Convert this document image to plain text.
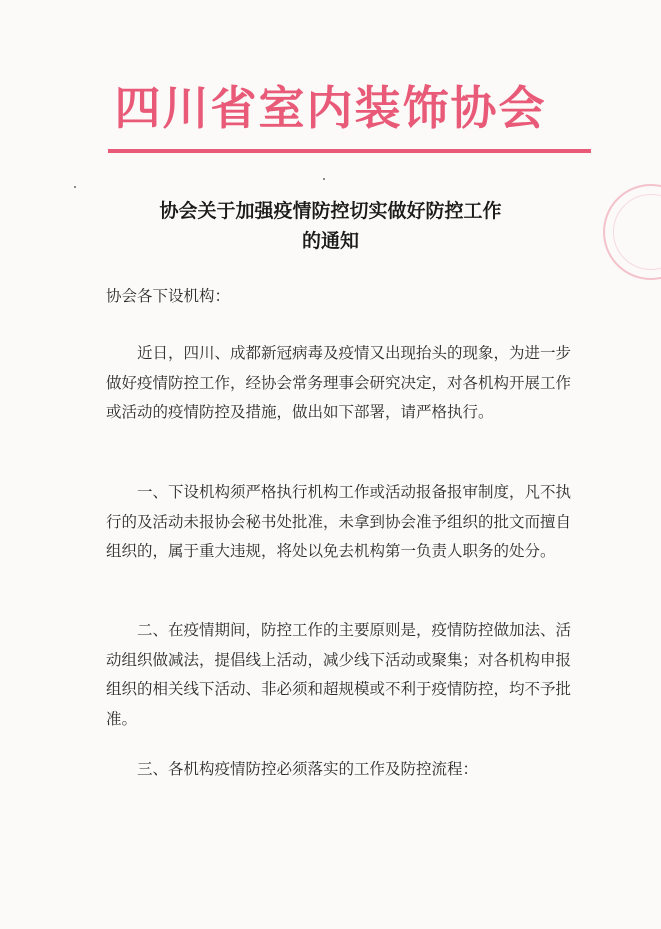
四川省室内装饰协会
协会关于加强疫情防控切实做好防控工作
的通知

协会各下设机构：

近日，四川、成都新冠病毒及疫情又出现抬头的现象，为进一步做好疫情防控工作，经协会常务理事会研究决定，对各机构开展工作或活动的疫情防控及措施，做出如下部署，请严格执行。

一、下设机构须严格执行机构工作或活动报备报审制度，凡不执行的及活动未报协会秘书处批准，未拿到协会准予组织的批文而擅自组织的，属于重大违规，将处以免去机构第一负责人职务的处分。

二、在疫情期间，防控工作的主要原则是，疫情防控做加法、活动组织做减法，提倡线上活动，减少线下活动或聚集；对各机构申报组织的相关线下活动、非必须和超规模或不利于疫情防控，均不予批准。

三、各机构疫情防控必须落实的工作及防控流程：
